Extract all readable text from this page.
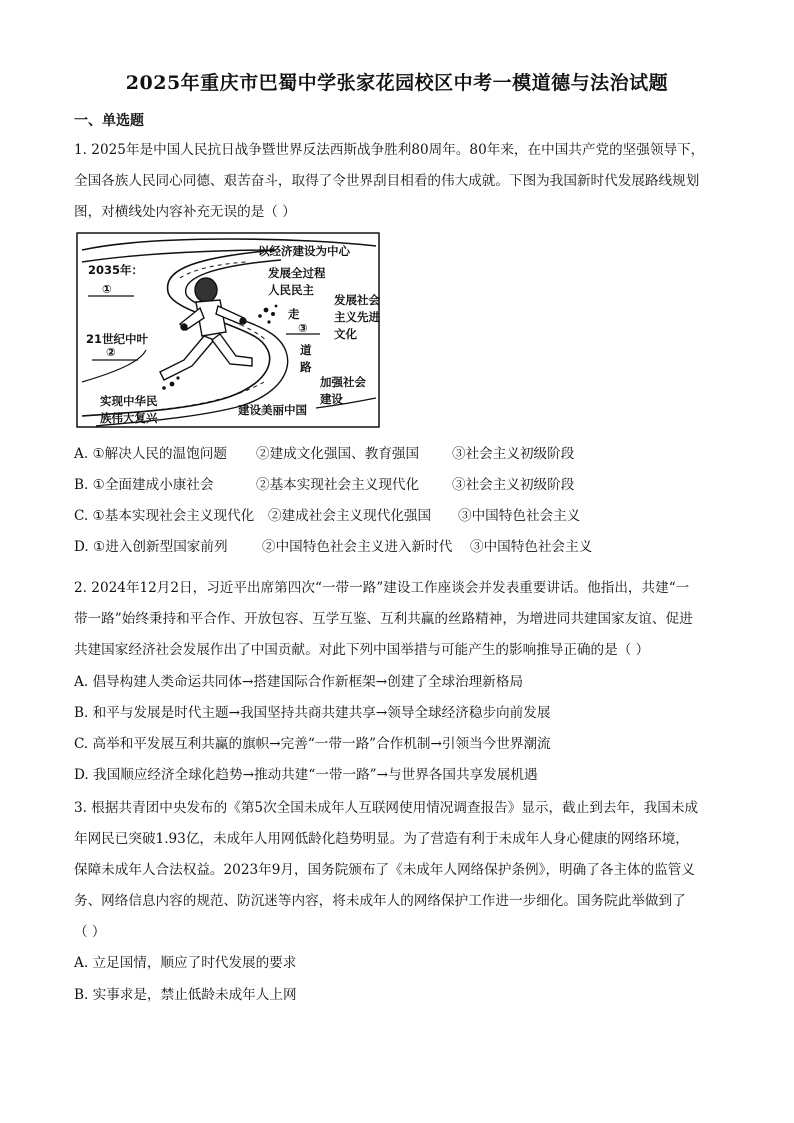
2025年重庆市巴蜀中学张家花园校区中考一模道德与法治试题
一、单选题
1. 2025年是中国人民抗日战争暨世界反法西斯战争胜利80周年。80年来，在中国共产党的坚强领导下，
全国各族人民同心同德、艰苦奋斗，取得了令世界刮目相看的伟大成就。下图为我国新时代发展路线规划
图，对横线处内容补充无误的是（ ）
以经济建设为中心
2035年：
①
发展全过程
人民民主
发展社会
主义先进
文化
21世纪中叶
②
走
③
道
路
加强社会
建设
实现中华民
族伟大复兴
建设美丽中国
A. ①解决人民的温饱问题 ②建成文化强国、教育强国 ③社会主义初级阶段
B. ①全面建成小康社会	②基本实现社会主义现代化 ③社会主义初级阶段
C. ①基本实现社会主义现代化 ②建成社会主义现代化强国 ③中国特色社会主义
D. ①进入创新型国家前列	②中国特色社会主义进入新时代 ③中国特色社会主义
2. 2024年12月2日，习近平出席第四次“一带一路”建设工作座谈会并发表重要讲话。他指出，共建“一
带一路”始终秉持和平合作、开放包容、互学互鉴、互利共赢的丝路精神，为增进同共建国家友谊、促进
共建国家经济社会发展作出了中国贡献。对此下列中国举措与可能产生的影响推导正确的是（ ）
A. 倡导构建人类命运共同体→搭建国际合作新框架→创建了全球治理新格局
B. 和平与发展是时代主题→我国坚持共商共建共享→领导全球经济稳步向前发展
C. 高举和平发展互利共赢的旗帜→完善“一带一路”合作机制→引领当今世界潮流
D. 我国顺应经济全球化趋势→推动共建“一带一路”→与世界各国共享发展机遇
3. 根据共青团中央发布的《第5次全国未成年人互联网使用情况调查报告》显示，截止到去年，我国未成
年网民已突破1.93亿，未成年人用网低龄化趋势明显。为了营造有利于未成年人身心健康的网络环境，
保障未成年人合法权益。2023年9月，国务院颁布了《未成年人网络保护条例》，明确了各主体的监管义
务、网络信息内容的规范、防沉迷等内容，将未成年人的网络保护工作进一步细化。国务院此举做到了
（ ）
A. 立足国情，顺应了时代发展的要求
B. 实事求是，禁止低龄未成年人上网
